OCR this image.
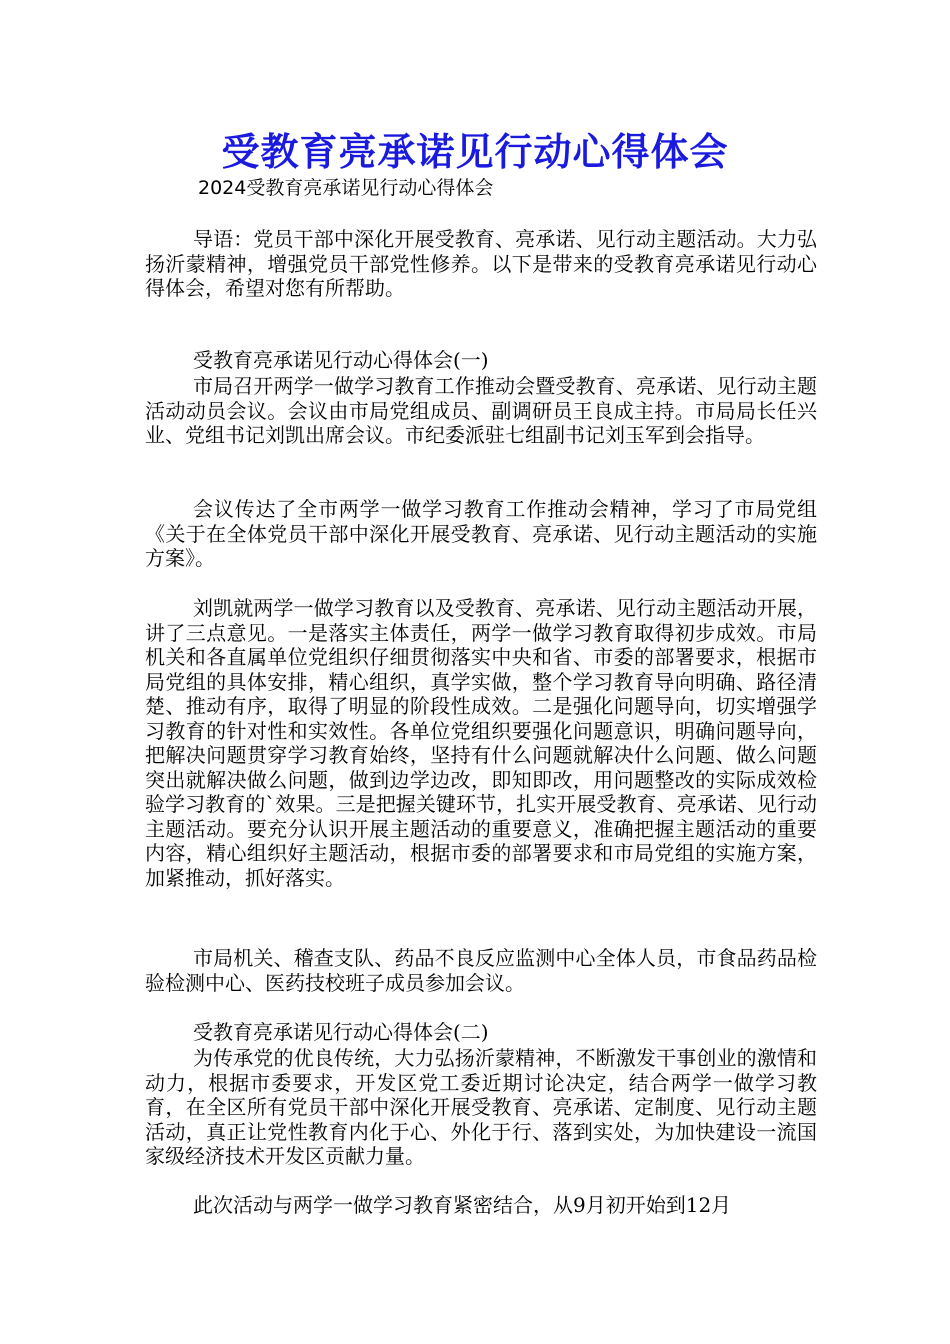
受教育亮承诺见行动心得体会
2024受教育亮承诺见行动心得体会

导语：党员干部中深化开展受教育、亮承诺、见行动主题活动。大力弘扬沂蒙精神，增强党员干部党性修养。以下是带来的受教育亮承诺见行动心得体会，希望对您有所帮助。

受教育亮承诺见行动心得体会(一)

市局召开两学一做学习教育工作推动会暨受教育、亮承诺、见行动主题活动动员会议。会议由市局党组成员、副调研员王良成主持。市局局长任兴业、党组书记刘凯出席会议。市纪委派驻七组副书记刘玉军到会指导。

会议传达了全市两学一做学习教育工作推动会精神，学习了市局党组《关于在全体党员干部中深化开展受教育、亮承诺、见行动主题活动的实施方案》。

刘凯就两学一做学习教育以及受教育、亮承诺、见行动主题活动开展，讲了三点意见。一是落实主体责任，两学一做学习教育取得初步成效。市局机关和各直属单位党组织仔细贯彻落实中央和省、市委的部署要求，根据市局党组的具体安排，精心组织，真学实做，整个学习教育导向明确、路径清楚、推动有序，取得了明显的阶段性成效。二是强化问题导向，切实增强学习教育的针对性和实效性。各单位党组织要强化问题意识，明确问题导向，把解决问题贯穿学习教育始终，坚持有什么问题就解决什么问题、做么问题突出就解决做么问题，做到边学边改，即知即改，用问题整改的实际成效检验学习教育的`效果。三是把握关键环节，扎实开展受教育、亮承诺、见行动主题活动。要充分认识开展主题活动的重要意义，准确把握主题活动的重要内容，精心组织好主题活动，根据市委的部署要求和市局党组的实施方案，加紧推动，抓好落实。

市局机关、稽查支队、药品不良反应监测中心全体人员，市食品药品检验检测中心、医药技校班子成员参加会议。

受教育亮承诺见行动心得体会(二)

为传承党的优良传统，大力弘扬沂蒙精神，不断激发干事创业的激情和动力，根据市委要求，开发区党工委近期讨论决定，结合两学一做学习教育，在全区所有党员干部中深化开展受教育、亮承诺、定制度、见行动主题活动，真正让党性教育内化于心、外化于行、落到实处，为加快建设一流国家级经济技术开发区贡献力量。

此次活动与两学一做学习教育紧密结合，从9月初开始到12月
